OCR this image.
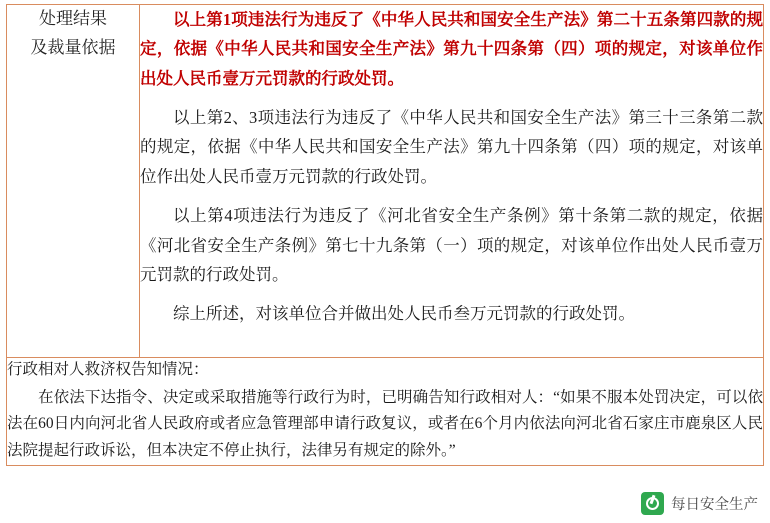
处理结果
及裁量依据

以上第1项违法行为违反了《中华人民共和国安全生产法》第二十五条第四款的规定，依据《中华人民共和国安全生产法》第九十四条第（四）项的规定，对该单位作出处人民币壹万元罚款的行政处罚。

以上第2、3项违法行为违反了《中华人民共和国安全生产法》第三十三条第二款的规定，依据《中华人民共和国安全生产法》第九十四条第（四）项的规定，对该单位作出处人民币壹万元罚款的行政处罚。

以上第4项违法行为违反了《河北省安全生产条例》第十条第二款的规定，依据《河北省安全生产条例》第七十九条第（一）项的规定，对该单位作出处人民币壹万元罚款的行政处罚。

综上所述，对该单位合并做出处人民币叁万元罚款的行政处罚。

行政相对人救济权告知情况：

在依法下达指令、决定或采取措施等行政行为时，已明确告知行政相对人：“如果不服本处罚决定，可以依法在60日内向河北省人民政府或者应急管理部申请行政复议，或者在6个月内依法向河北省石家庄市鹿泉区人民法院提起行政诉讼，但本决定不停止执行，法律另有规定的除外。”

每日安全生产
